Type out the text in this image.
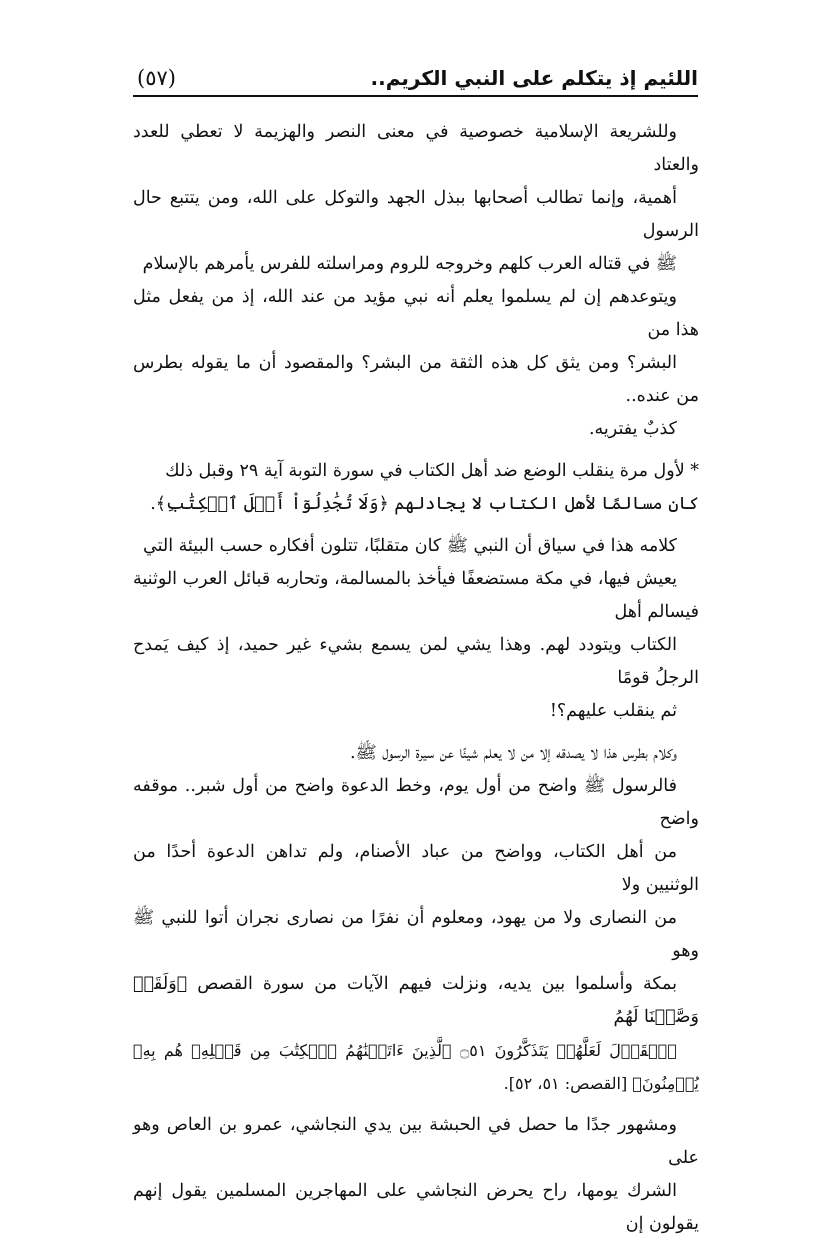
اللئيم إذ يتكلم على النبي الكريم..
(٥٧)

وللشريعة الإسلامية خصوصية في معنى النصر والهزيمة لا تعطي للعدد والعتاد
أهمية، وإنما تطالب أصحابها ببذل الجهد والتوكل على الله، ومن يتتبع حال الرسول
ﷺ في قتاله العرب كلهم وخروجه للروم ومراسلته للفرس يأمرهم بالإسلام
ويتوعدهم إن لم يسلموا يعلم أنه نبي مؤيد من عند الله، إذ من يفعل مثل هذا من
البشر؟ ومن يثق كل هذه الثقة من البشر؟ والمقصود أن ما يقوله بطرس من عنده..
كذبٌ يفتريه.

* لأول مرة ينقلب الوضع ضد أهل الكتاب في سورة التوبة آية ٢٩ وقبل ذلك
كان مسالمًا لأهل الكتاب لا يجادلهم ﴿وَلَا تُجَٰدِلُوٓاْ أَهۡلَ ٱلۡكِتَٰبِ﴾.

كلامه هذا في سياق أن النبي ﷺ كان متقلبًا، تتلون أفكاره حسب البيئة التي
يعيش فيها، في مكة مستضعفًا فيأخذ بالمسالمة، وتحاربه قبائل العرب الوثنية فيسالم أهل
الكتاب ويتودد لهم. وهذا يشي لمن يسمع بشيء غير حميد، إذ كيف يَمدح الرجلُ قومًا
ثم ينقلب عليهم؟!

وكلام بطرس هذا لا يصدقه إلا من لا يعلم شيئًا عن سيرة الرسول ﷺ.
فالرسول ﷺ واضح من أول يوم، وخط الدعوة واضح من أول شبر.. موقفه واضح
من أهل الكتاب، وواضح من عباد الأصنام، ولم تداهن الدعوة أحدًا من الوثنيين ولا
من النصارى ولا من يهود، ومعلوم أن نفرًا من نصارى نجران أتوا للنبي ﷺ وهو
بمكة وأسلموا بين يديه، ونزلت فيهم الآيات من سورة القصص ﴿وَلَقَدۡ وَصَّلۡنَا لَهُمُ
ٱلۡقَوۡلَ لَعَلَّهُمۡ يَتَذَكَّرُونَ ۝٥١ ٱلَّذِينَ ءَاتَيۡنَٰهُمُ ٱلۡكِتَٰبَ مِن قَبۡلِهِۦ هُم بِهِۦ يُؤۡمِنُونَ﴾ [القصص: ٥١، ٥٢].

ومشهور جدًا ما حصل في الحبشة بين يدي النجاشي، عمرو بن العاص وهو على
الشرك يومها، راح يحرض النجاشي على المهاجرين المسلمين يقول إنهم يقولون إن
